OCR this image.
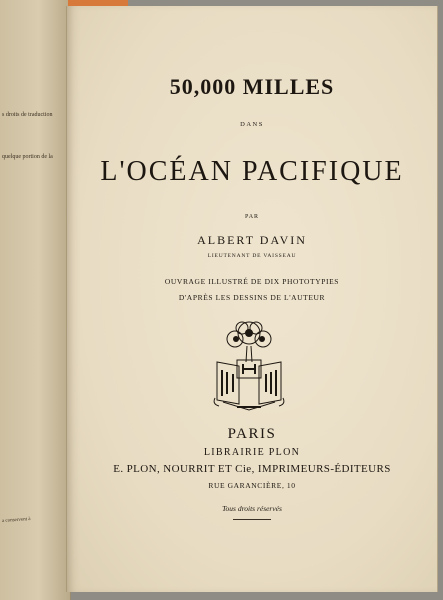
s droits de traduction
quelque portion de la
a conservent à
50,000 MILLES
DANS
L'OCÉAN PACIFIQUE
PAR
ALBERT DAVIN
LIEUTENANT DE VAISSEAU
OUVRAGE ILLUSTRÉ DE DIX PHOTOTYPIES
D'APRÈS LES DESSINS DE L'AUTEUR
PARIS
LIBRAIRIE PLON
E. PLON, NOURRIT ET Cie, IMPRIMEURS-ÉDITEURS
RUE GARANCIÈRE, 10
Tous droits réservés
